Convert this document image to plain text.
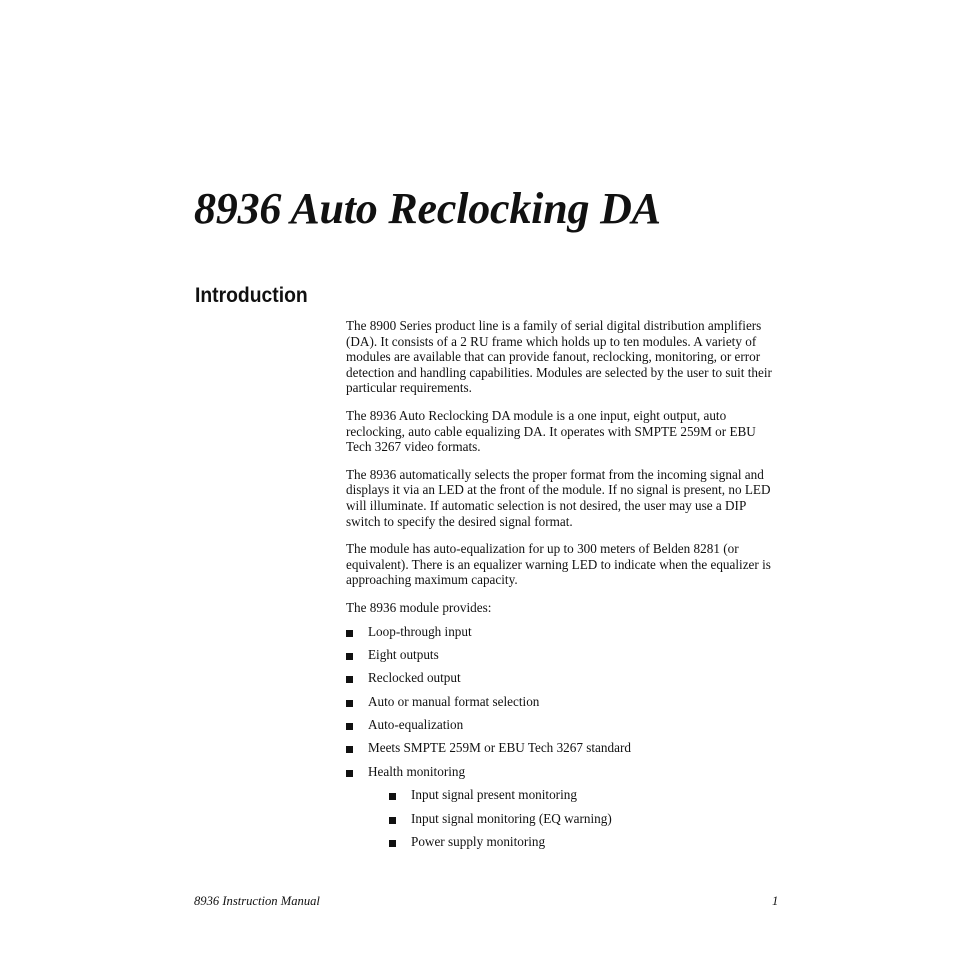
8936 Auto Reclocking DA
Introduction

The 8900 Series product line is a family of serial digital distribution amplifiers (DA). It consists of a 2 RU frame which holds up to ten modules. A variety of modules are available that can provide fanout, reclocking, monitoring, or error detection and handling capabilities. Modules are selected by the user to suit their particular requirements.

The 8936 Auto Reclocking DA module is a one input, eight output, auto reclocking, auto cable equalizing DA. It operates with SMPTE 259M or EBU Tech 3267 video formats.

The 8936 automatically selects the proper format from the incoming signal and displays it via an LED at the front of the module. If no signal is present, no LED will illuminate. If automatic selection is not desired, the user may use a DIP switch to specify the desired signal format.

The module has auto-equalization for up to 300 meters of Belden 8281 (or equivalent). There is an equalizer warning LED to indicate when the equalizer is approaching maximum capacity.

The 8936 module provides:

Loop-through input
Eight outputs
Reclocked output
Auto or manual format selection
Auto-equalization
Meets SMPTE 259M or EBU Tech 3267 standard
Health monitoring
Input signal present monitoring
Input signal monitoring (EQ warning)
Power supply monitoring
8936 Instruction Manual	1
